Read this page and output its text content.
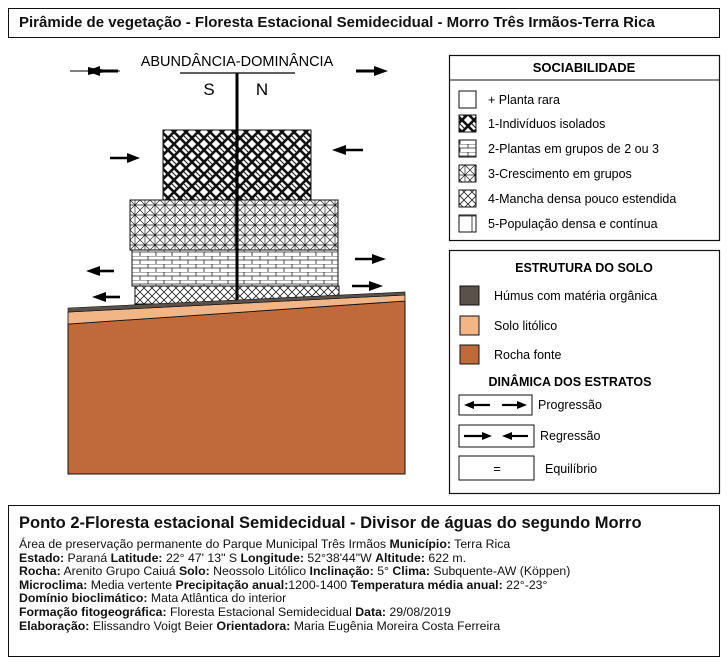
Pirâmide de vegetação - Floresta Estacional Semidecidual - Morro Três Irmãos-Terra Rica
ABUNDÂNCIA-DOMINÂNCIA
S N
SOCIABILIDADE
+ Planta rara
1-Indivíduos isolados
2-Plantas em grupos de 2 ou 3
3-Crescimento em grupos
4-Mancha densa pouco estendida
5-População densa e contínua
ESTRUTURA DO SOLO
Húmus com matéria orgânica
Solo litólico
Rocha fonte
DINÂMICA DOS ESTRATOS
Progressão
Regressão
=	Equilíbrio
Ponto 2-Floresta estacional Semidecidual - Divisor de águas do segundo Morro
Área de preservação permanente do Parque Municipal Três Irmãos Município: Terra Rica
Estado: Paraná Latitude: 22° 47' 13" S Longitude: 52°38'44"W Altitude: 622 m.
Rocha: Arenito Grupo Caiuá Solo: Neossolo Litólico Inclinação: 5° Clima: Subquente-AW (Köppen)
Microclima: Media vertente Precipitação anual:1200-1400 Temperatura média anual: 22°-23°
Domínio bioclimático: Mata Atlântica do interior
Formação fitogeográfica: Floresta Estacional Semidecidual Data: 29/08/2019
Elaboração: Elissandro Voigt Beier Orientadora: Maria Eugênia Moreira Costa Ferreira
